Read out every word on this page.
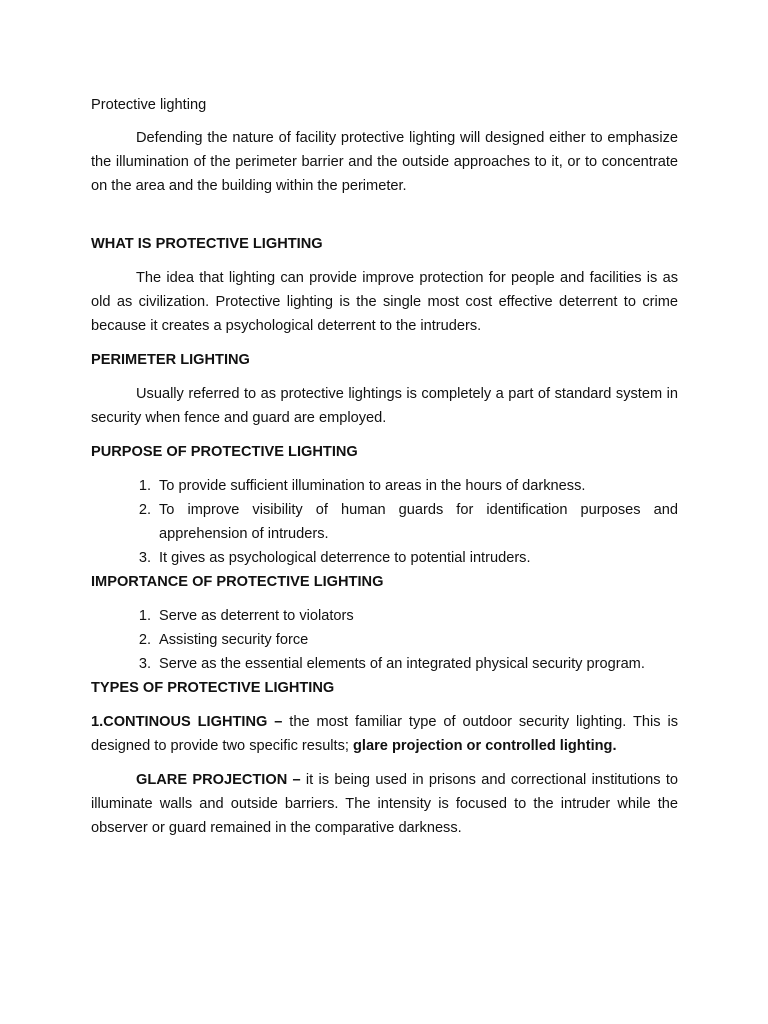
Protective lighting

Defending the nature of facility protective lighting will designed either to emphasize the illumination of the perimeter barrier and the outside approaches to it, or to concentrate on the area and the building within the perimeter.

WHAT IS PROTECTIVE LIGHTING

The idea that lighting can provide improve protection for people and facilities is as old as civilization. Protective lighting is the single most cost effective deterrent to crime because it creates a psychological deterrent to the intruders.

PERIMETER LIGHTING

Usually referred to as protective lightings is completely a part of standard system in security when fence and guard are employed.

PURPOSE OF PROTECTIVE LIGHTING

1. To provide sufficient illumination to areas in the hours of darkness.
2. To improve visibility of human guards for identification purposes and apprehension of intruders.
3. It gives as psychological deterrence to potential intruders.

IMPORTANCE OF PROTECTIVE LIGHTING

1. Serve as deterrent to violators
2. Assisting security force
3. Serve as the essential elements of an integrated physical security program.

TYPES OF PROTECTIVE LIGHTING

1.CONTINOUS LIGHTING – the most familiar type of outdoor security lighting. This is designed to provide two specific results; glare projection or controlled lighting.

GLARE PROJECTION – it is being used in prisons and correctional institutions to illuminate walls and outside barriers. The intensity is focused to the intruder while the observer or guard remained in the comparative darkness.
